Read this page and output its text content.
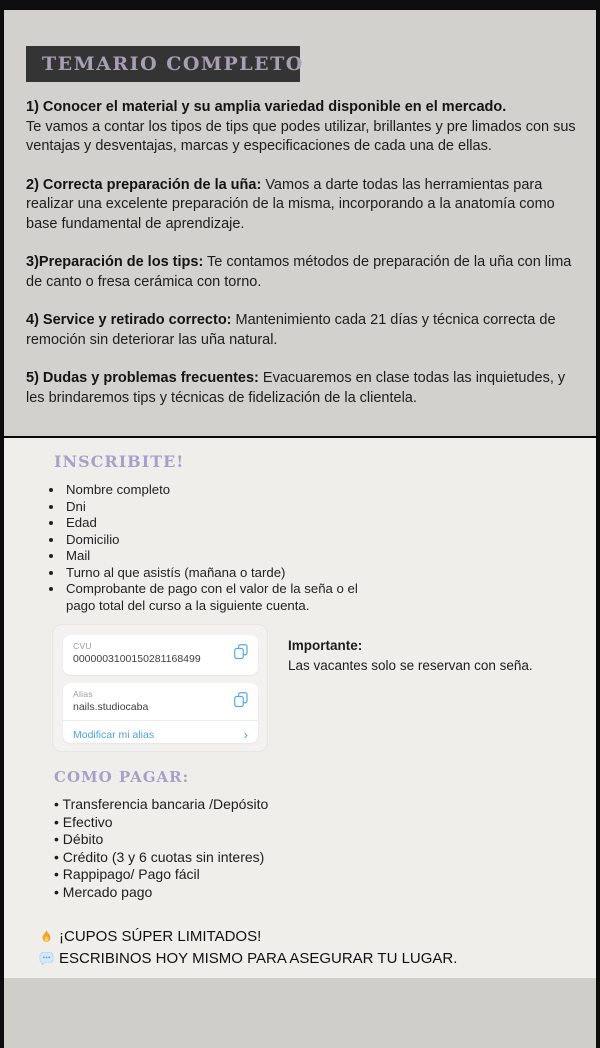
TEMARIO COMPLETO

1) Conocer el material y su amplia variedad disponible en el mercado.
Te vamos a contar los tipos de tips que podes utilizar, brillantes y pre limados con sus ventajas y desventajas, marcas y especificaciones de cada una de ellas.

2) Correcta preparación de la uña: Vamos a darte todas las herramientas para realizar una excelente preparación de la misma, incorporando a la anatomía como base fundamental de aprendizaje.

3)Preparación de los tips: Te contamos métodos de preparación de la uña con lima de canto o fresa cerámica con torno.

4) Service y retirado correcto: Mantenimiento cada 21 días y técnica correcta de remoción sin deteriorar las uña natural.

5) Dudas y problemas frecuentes: Evacuaremos en clase todas las inquietudes, y les brindaremos tips y técnicas de fidelización de la clientela.

INSCRIBITE!
• Nombre completo
• Dni
• Edad
• Domicilio
• Mail
• Turno al que asistís (mañana o tarde)
• Comprobante de pago con el valor de la seña o el pago total del curso a la siguiente cuenta.
CVU
0000003100150281168499
Alias
nails.studiocaba
Modificar mi alias	›
Importante:
Las vacantes solo se reservan con seña.
COMO PAGAR:
• Transferencia bancaria /Depósito
• Efectivo
• Débito
• Crédito (3 y 6 cuotas sin interes)
• Rappipago/ Pago fácil
• Mercado pago
¡CUPOS SÚPER LIMITADOS!
ESCRIBINOS HOY MISMO PARA ASEGURAR TU LUGAR.
